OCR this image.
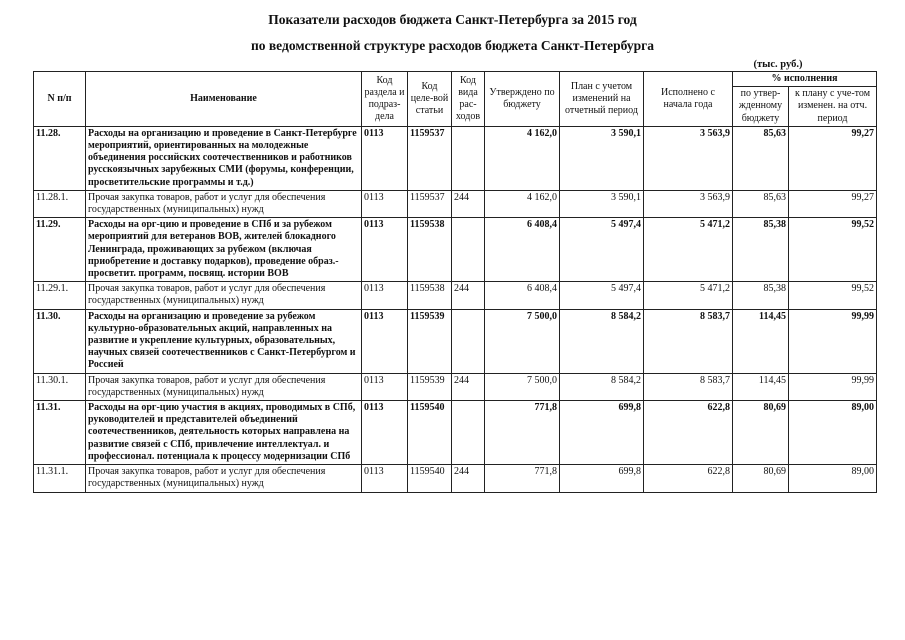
Показатели расходов бюджета Санкт-Петербурга за 2015 год
по ведомственной структуре расходов бюджета Санкт-Петербурга
(тыс. руб.)
N п/п	Наименование	Код раздела и подраз-дела	Код целе-вой статьи	Код вида рас-ходов	Утверждено по бюджету	План с учетом изменений на отчетный период	Исполнено с начала года	% исполнения	
								по утвер-жденному бюджету	к плану с уче-том изменен. на отч. период
11.28.	Расходы на организацию и проведение в Санкт-Петербурге мероприятий, ориентированных на молодежные объединения российских соотечественников и работников русскоязычных зарубежных СМИ (форумы, конференции, просветительские программы и т.д.)	0113	1159537		4 162,0	3 590,1	3 563,9	85,63	99,27
11.28.1.	Прочая закупка товаров, работ и услуг для обеспечения государственных (муниципальных) нужд	0113	1159537	244	4 162,0	3 590,1	3 563,9	85,63	99,27
11.29.	Расходы на орг-цию и проведение в СПб и за рубежом мероприятий для ветеранов ВОВ, жителей блокадного Ленинграда, проживающих за рубежом (включая приобретение и доставку подарков), проведение образ.-просветит. программ, посвящ. истории ВОВ	0113	1159538		6 408,4	5 497,4	5 471,2	85,38	99,52
11.29.1.	Прочая закупка товаров, работ и услуг для обеспечения государственных (муниципальных) нужд	0113	1159538	244	6 408,4	5 497,4	5 471,2	85,38	99,52
11.30.	Расходы на организацию и проведение за рубежом культурно-образовательных акций, направленных на развитие и укрепление культурных, образовательных, научных связей соотечественников с Санкт-Петербургом и Россией	0113	1159539		7 500,0	8 584,2	8 583,7	114,45	99,99
11.30.1.	Прочая закупка товаров, работ и услуг для обеспечения государственных (муниципальных) нужд	0113	1159539	244	7 500,0	8 584,2	8 583,7	114,45	99,99
11.31.	Расходы на орг-цию участия в акциях, проводимых в СПб, руководителей и представителей объединений соотечественников, деятельность которых направлена на развитие связей с СПб, привлечение интеллектуал. и профессионал. потенциала к процессу модернизации СПб	0113	1159540		771,8	699,8	622,8	80,69	89,00
11.31.1.	Прочая закупка товаров, работ и услуг для обеспечения государственных (муниципальных) нужд	0113	1159540	244	771,8	699,8	622,8	80,69	89,00
